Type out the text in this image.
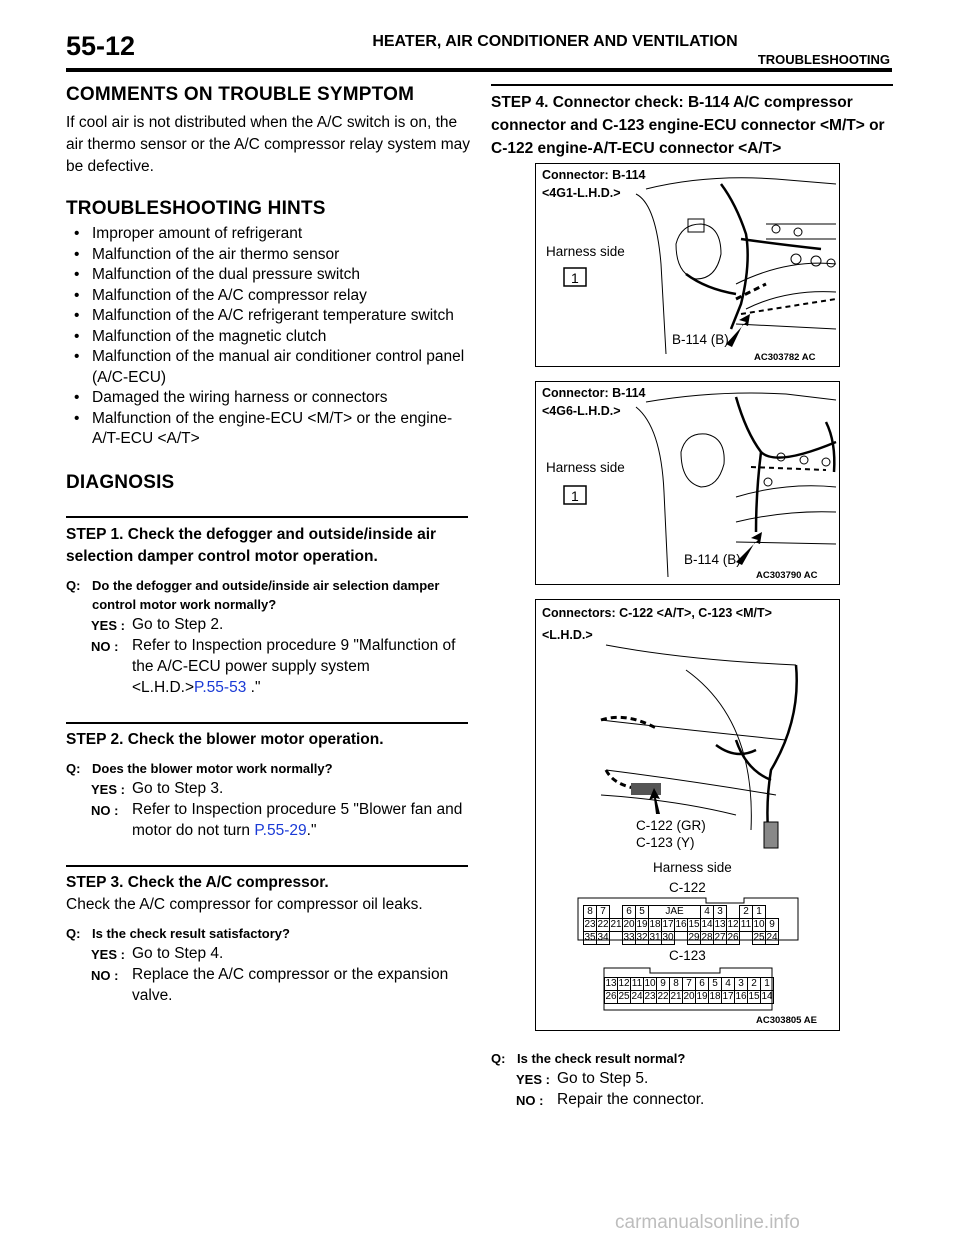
55-12	HEATER, AIR CONDITIONER AND VENTILATION
TROUBLESHOOTING
COMMENTS ON TROUBLE SYMPTOM

If cool air is not distributed when the A/C switch is on, the air thermo sensor or the A/C compressor relay system may be defective.

TROUBLESHOOTING HINTS
• Improper amount of refrigerant
• Malfunction of the air thermo sensor
• Malfunction of the dual pressure switch
• Malfunction of the A/C compressor relay
• Malfunction of the A/C refrigerant temperature switch
• Malfunction of the magnetic clutch
• Malfunction of the manual air conditioner control panel (A/C-ECU)
• Damaged the wiring harness or connectors
• Malfunction of the engine-ECU <M/T> or the engine-A/T-ECU <A/T>
DIAGNOSIS
STEP 1. Check the defogger and outside/inside air selection damper control motor operation.
Q: Do the defogger and outside/inside air selection damper control motor work normally?
YES : Go to Step 2.
NO : Refer to Inspection procedure 9 "Malfunction of the A/C-ECU power supply system <L.H.D.>P.55-53 ."
STEP 2. Check the blower motor operation.
Q: Does the blower motor work normally?
YES : Go to Step 3.
NO : Refer to Inspection procedure 5 "Blower fan and motor do not turn P.55-29."
STEP 3. Check the A/C compressor.

Check the A/C compressor for compressor oil leaks.

Q: Is the check result satisfactory?
YES : Go to Step 4.
NO : Replace the A/C compressor or the expansion valve.
STEP 4. Connector check: B-114 A/C compressor connector and C-123 engine-ECU connector <M/T> or C-122 engine-A/T-ECU connector <A/T>
1
Connector: B-114
<4G1-L.H.D.>
Harness side
B-114 (B)
AC303782 AC
1
Connector: B-114
<4G6-L.H.D.>
Harness side
B-114 (B)
AC303790 AC
Connectors: C-122 <A/T>, C-123 <M/T>
<L.H.D.>
C-122 (GR)
C-123 (Y)
Harness side
C-122
8	7		6	5	JAE				4	3		2	1	
23	22	21	20	19	18	17	16	15	14	13	12	11	10	9
35	34		33	32	31	30		29	28	27	26		25	24
C-123
13	12	11	10	9	8	7	6	5	4	3	2	1
26	25	24	23	22	21	20	19	18	17	16	15	14
AC303805 AE
Q: Is the check result normal?
YES : Go to Step 5.
NO : Repair the connector.
carmanualsonline.info
